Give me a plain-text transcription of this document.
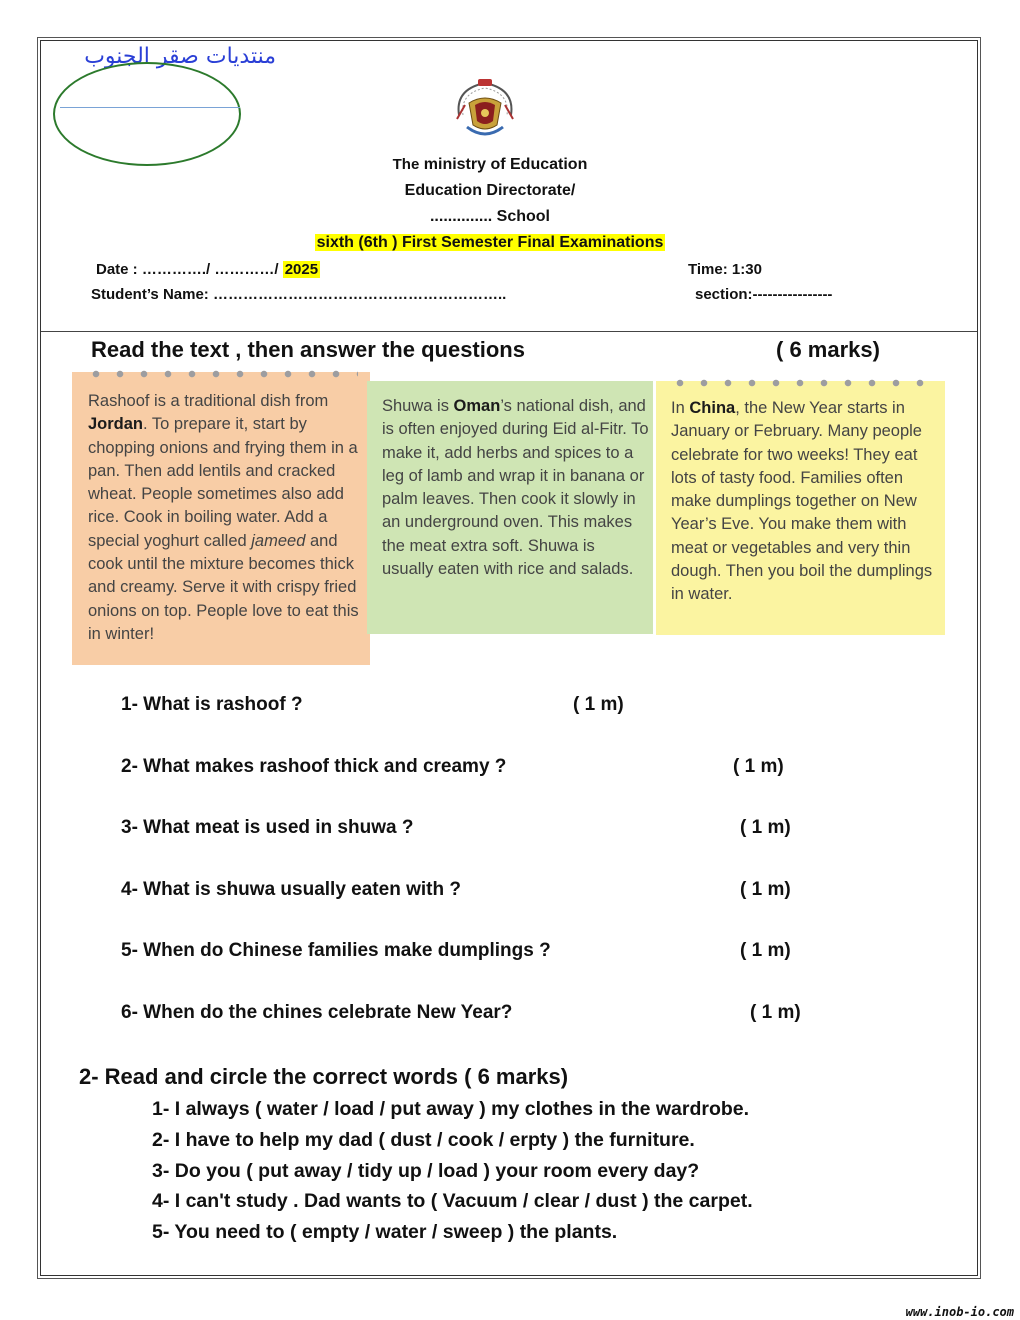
منتديات صقر الجنوب
The ministry of Education
Education Directorate/
.............. School
sixth (6th ) First Semester Final Examinations
Date : …………./ …………/ 2025	Time: 1:30
Student’s Name: …………………………………………………..	section:----------------
Read the text , then answer the questions	( 6 marks)
Rashoof is a traditional dish from Jordan. To prepare it, start by chopping onions and frying them in a pan. Then add lentils and cracked wheat. People sometimes also add rice. Cook in boiling water. Add a special yoghurt called jameed and cook until the mixture becomes thick and creamy. Serve it with crispy fried onions on top. People love to eat this in winter!
Shuwa is Oman’s national dish, and is often enjoyed during Eid al-Fitr. To make it, add herbs and spices to a leg of lamb and wrap it in banana or palm leaves. Then cook it slowly in an underground oven. This makes the meat extra soft. Shuwa is usually eaten with rice and salads.
In China, the New Year starts in January or February. Many people celebrate for two weeks! They eat lots of tasty food. Families often make dumplings together on New Year’s Eve. You make them with meat or vegetables and very thin dough. Then you boil the dumplings in water.
1- What is rashoof ?	( 1 m)
2- What makes rashoof thick and creamy ?	( 1 m)
3- What meat is used in shuwa ?	( 1 m)
4- What is shuwa usually eaten with ?	( 1 m)
5- When do Chinese families make dumplings ?	( 1 m)
6- When do the chines celebrate New Year?	( 1 m)
2- Read and circle the correct words ( 6 marks)
1- I always ( water / load / put away ) my clothes in the wardrobe.
2- I have to help my dad ( dust / cook / erpty ) the furniture.
3- Do you ( put away / tidy up / load ) your room every day?
4- I can't study . Dad wants to ( Vacuum / clear / dust ) the carpet.
5- You need to ( empty / water / sweep ) the plants.
www.inob-io.com
